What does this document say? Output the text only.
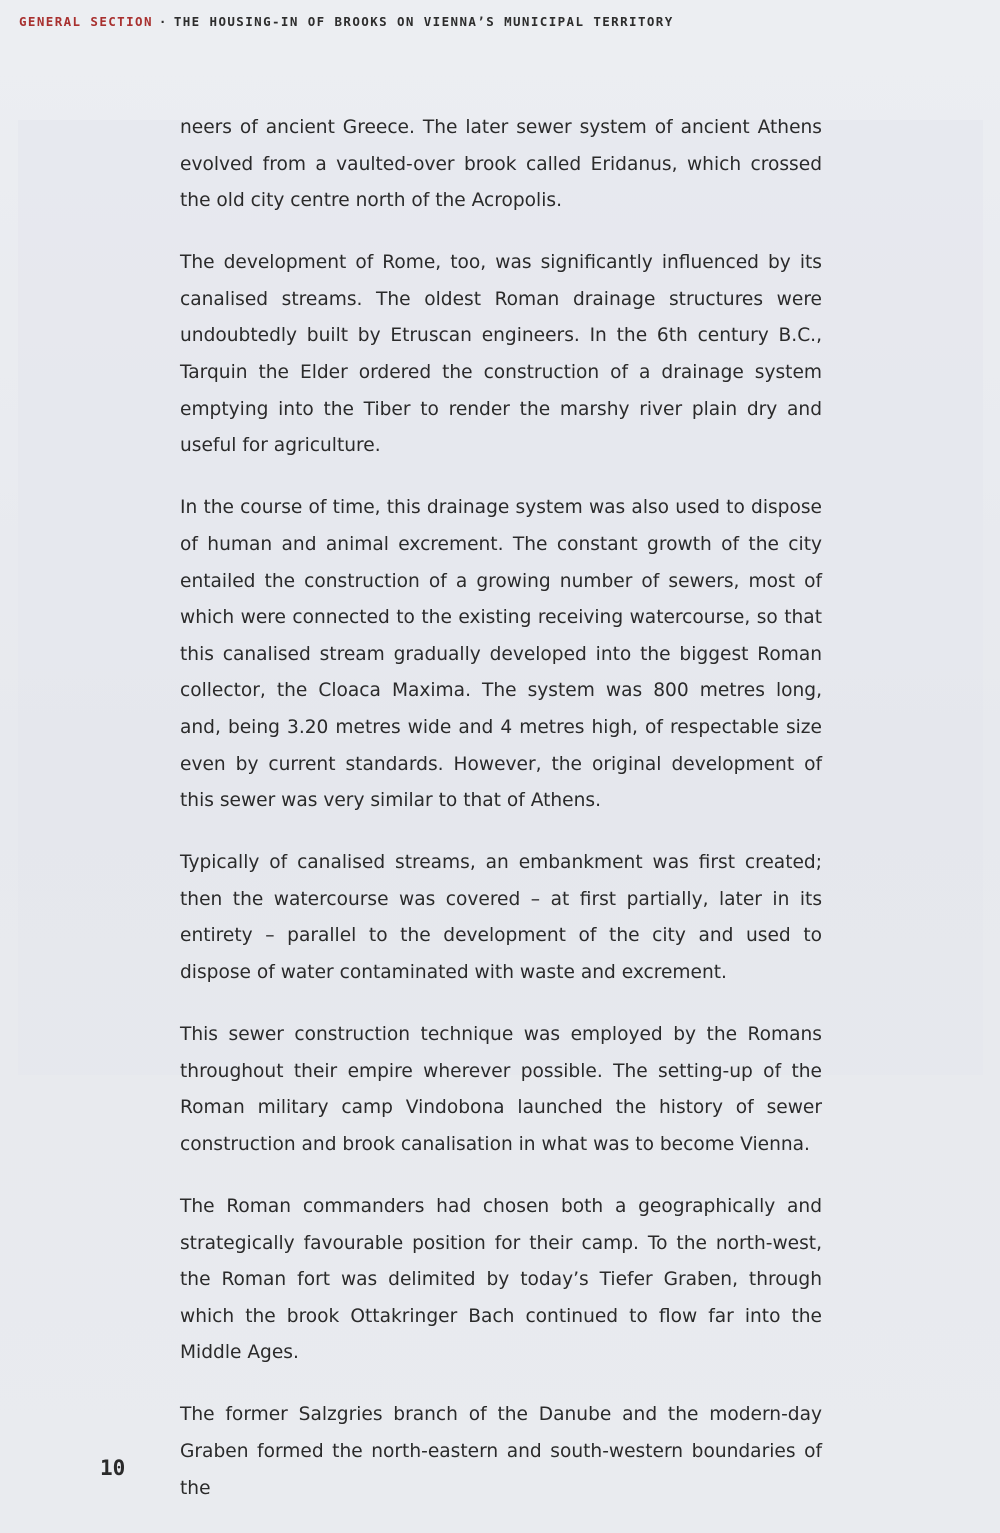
GENERAL SECTION · THE HOUSING-IN OF BROOKS ON VIENNA’S MUNICIPAL TERRITORY

neers of ancient Greece. The later sewer system of ancient Athens evolved from a vaulted-over brook called Eridanus, which crossed the old city centre north of the Acropolis.

The development of Rome, too, was significantly influenced by its canalised streams. The oldest Roman drainage structures were undoubtedly built by Etruscan engineers. In the 6th century B.C., Tarquin the Elder ordered the construction of a drainage system emptying into the Tiber to render the marshy river plain dry and useful for agriculture.

In the course of time, this drainage system was also used to dispose of human and animal excrement. The constant growth of the city entailed the construction of a growing number of sewers, most of which were connected to the existing receiving watercourse, so that this canalised stream gradually developed into the biggest Roman collector, the Cloaca Maxima. The system was 800 metres long, and, being 3.20 metres wide and 4 metres high, of respectable size even by current standards. However, the original development of this sewer was very similar to that of Athens.

Typically of canalised streams, an embankment was first created; then the watercourse was covered – at first partially, later in its entirety – parallel to the development of the city and used to dispose of water contaminated with waste and excrement.

This sewer construction technique was employed by the Romans throughout their empire wherever possible. The setting-up of the Roman military camp Vindobona launched the history of sewer construction and brook canalisation in what was to become Vienna.

The Roman commanders had chosen both a geographically and strategically favourable position for their camp. To the north-west, the Roman fort was delimited by today’s Tiefer Graben, through which the brook Ottakringer Bach continued to flow far into the Middle Ages.

The former Salzgries branch of the Danube and the modern-day Graben formed the north-eastern and south-western boundaries of the

10
